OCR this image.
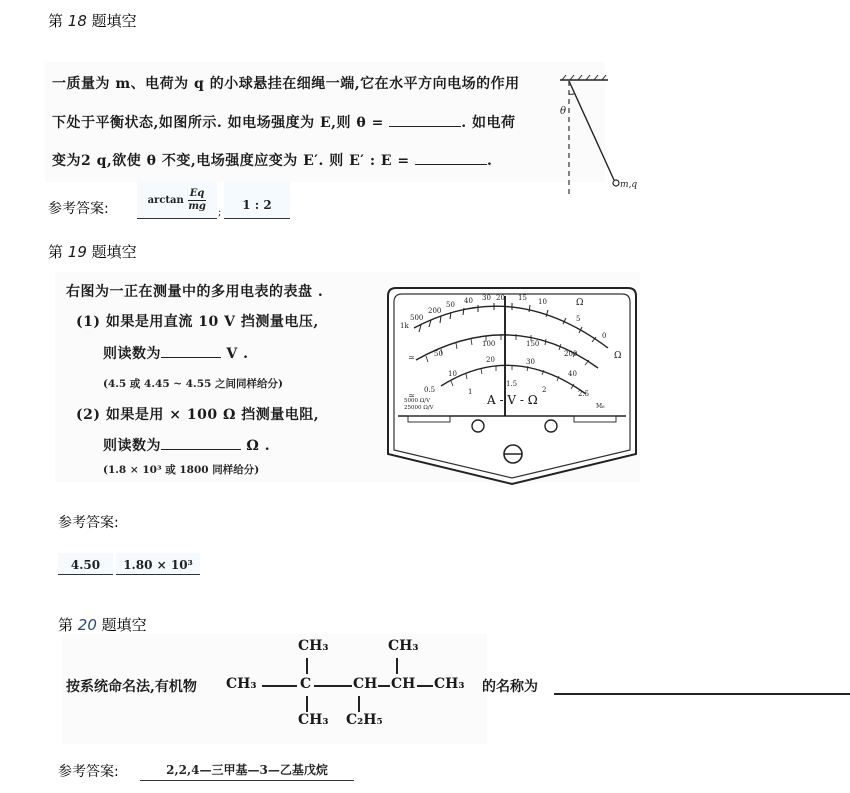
第 18 题填空
一质量为 m、电荷为 q 的小球悬挂在细绳一端,它在水平方向电场的作用
下处于平衡状态,如图所示. 如电场强度为 E,则 θ =	. 如电荷
变为2 q,欲使 θ 不变,电场强度应变为 E′. 则 E′ : E =	.
θ
m,q
参考答案:
$\arctan \frac{Eq}{mg}$ ;
1 : 2
第 19 题填空
右图为一正在测量中的多用电表的表盘 .
(1) 如果是用直流 10 V 挡测量电压,
则读数为	V .
(4.5 或 4.45 ~ 4.55 之间同样给分)
(2) 如果是用 × 100 Ω 挡测量电阻,
则读数为	Ω .
(1.8 × 10³ 或 1800 同样给分)
1k
500
200
50 40 30 20 15 10
5
0
Ω
Ω
50
100	150
200
10
20	30
40
1
1.5
2	2.5
0.5
≃
≃	A - V - Ω
5000 Ω/V
25000 Ω/V	M₆
参考答案:
4.50	1.80 × 10³
第 20 题填空
按系统命名法,有机物
CH₃	CH₃
CH₃	C	CH CH CH₃
CH₃ C₂H₅
的名称为
参考答案:	2,2,4—三甲基—3—乙基戊烷
